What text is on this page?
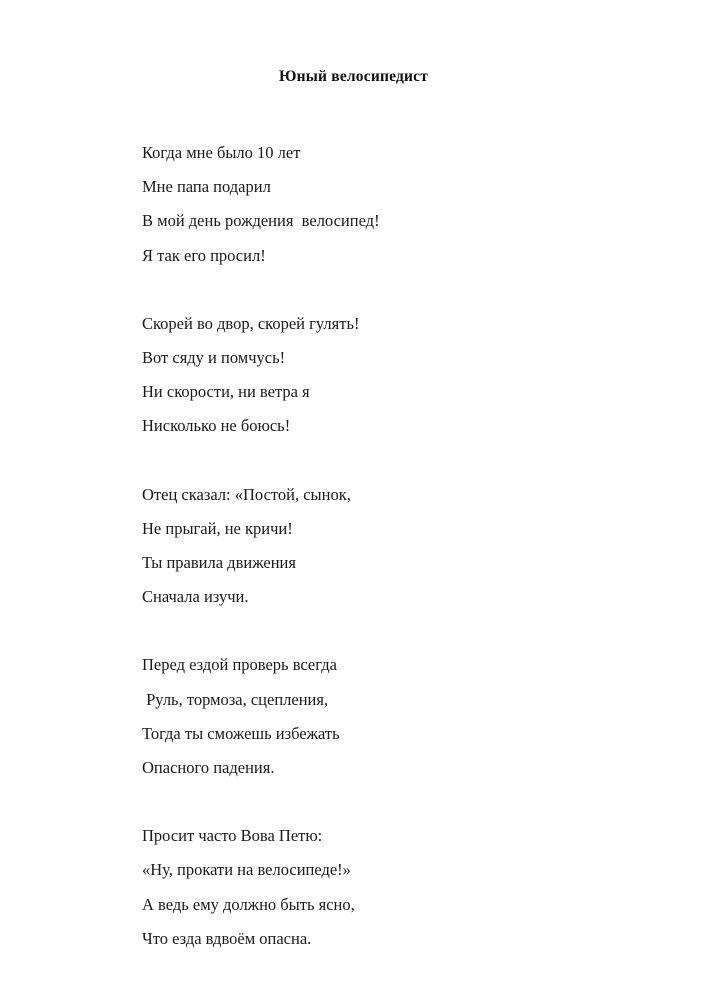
Юный велосипедист
Когда мне было 10 лет
Мне папа подарил
В мой день рождения  велосипед!
Я так его просил!
Скорей во двор, скорей гулять!
Вот сяду и помчусь!
Ни скорости, ни ветра я
Нисколько не боюсь!
Отец сказал: «Постой, сынок,
Не прыгай, не кричи!
Ты правила движения
Сначала изучи.
Перед ездой проверь всегда
Руль, тормоза, сцепления,
Тогда ты сможешь избежать
Опасного падения.
Просит часто Вова Петю:
«Ну, прокати на велосипеде!»
А ведь ему должно быть ясно,
Что езда вдвоём опасна.
